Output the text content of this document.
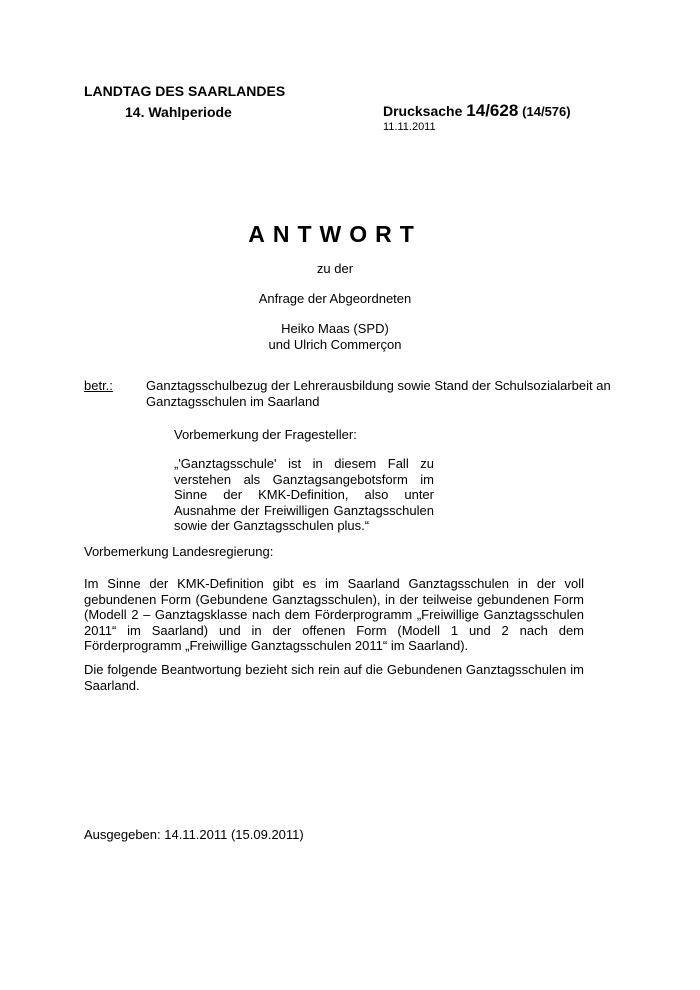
LANDTAG DES SAARLANDES
14. Wahlperiode	Drucksache 14/628 (14/576)
11.11.2011
ANTWORT
zu der
Anfrage der Abgeordneten
Heiko Maas (SPD)
und Ulrich Commerçon
betr.:	Ganztagsschulbezug der Lehrerausbildung sowie Stand der Schulsozialarbeit an Ganztagsschulen im Saarland
Vorbemerkung der Fragesteller:
„'Ganztagsschule' ist in diesem Fall zu verstehen als Ganztagsangebotsform im Sinne der KMK-Definition, also unter Ausnahme der Freiwilligen Ganztagsschulen sowie der Ganztagsschulen plus.“
Vorbemerkung Landesregierung:
Im Sinne der KMK-Definition gibt es im Saarland Ganztagsschulen in der voll gebundenen Form (Gebundene Ganztagsschulen), in der teilweise gebundenen Form (Modell 2 – Ganztagsklasse nach dem Förderprogramm „Freiwillige Ganztagsschulen 2011“ im Saarland) und in der offenen Form (Modell 1 und 2 nach dem Förderprogramm „Freiwillige Ganztagsschulen 2011“ im Saarland).
Die folgende Beantwortung bezieht sich rein auf die Gebundenen Ganztagsschulen im Saarland.
Ausgegeben: 14.11.2011 (15.09.2011)
